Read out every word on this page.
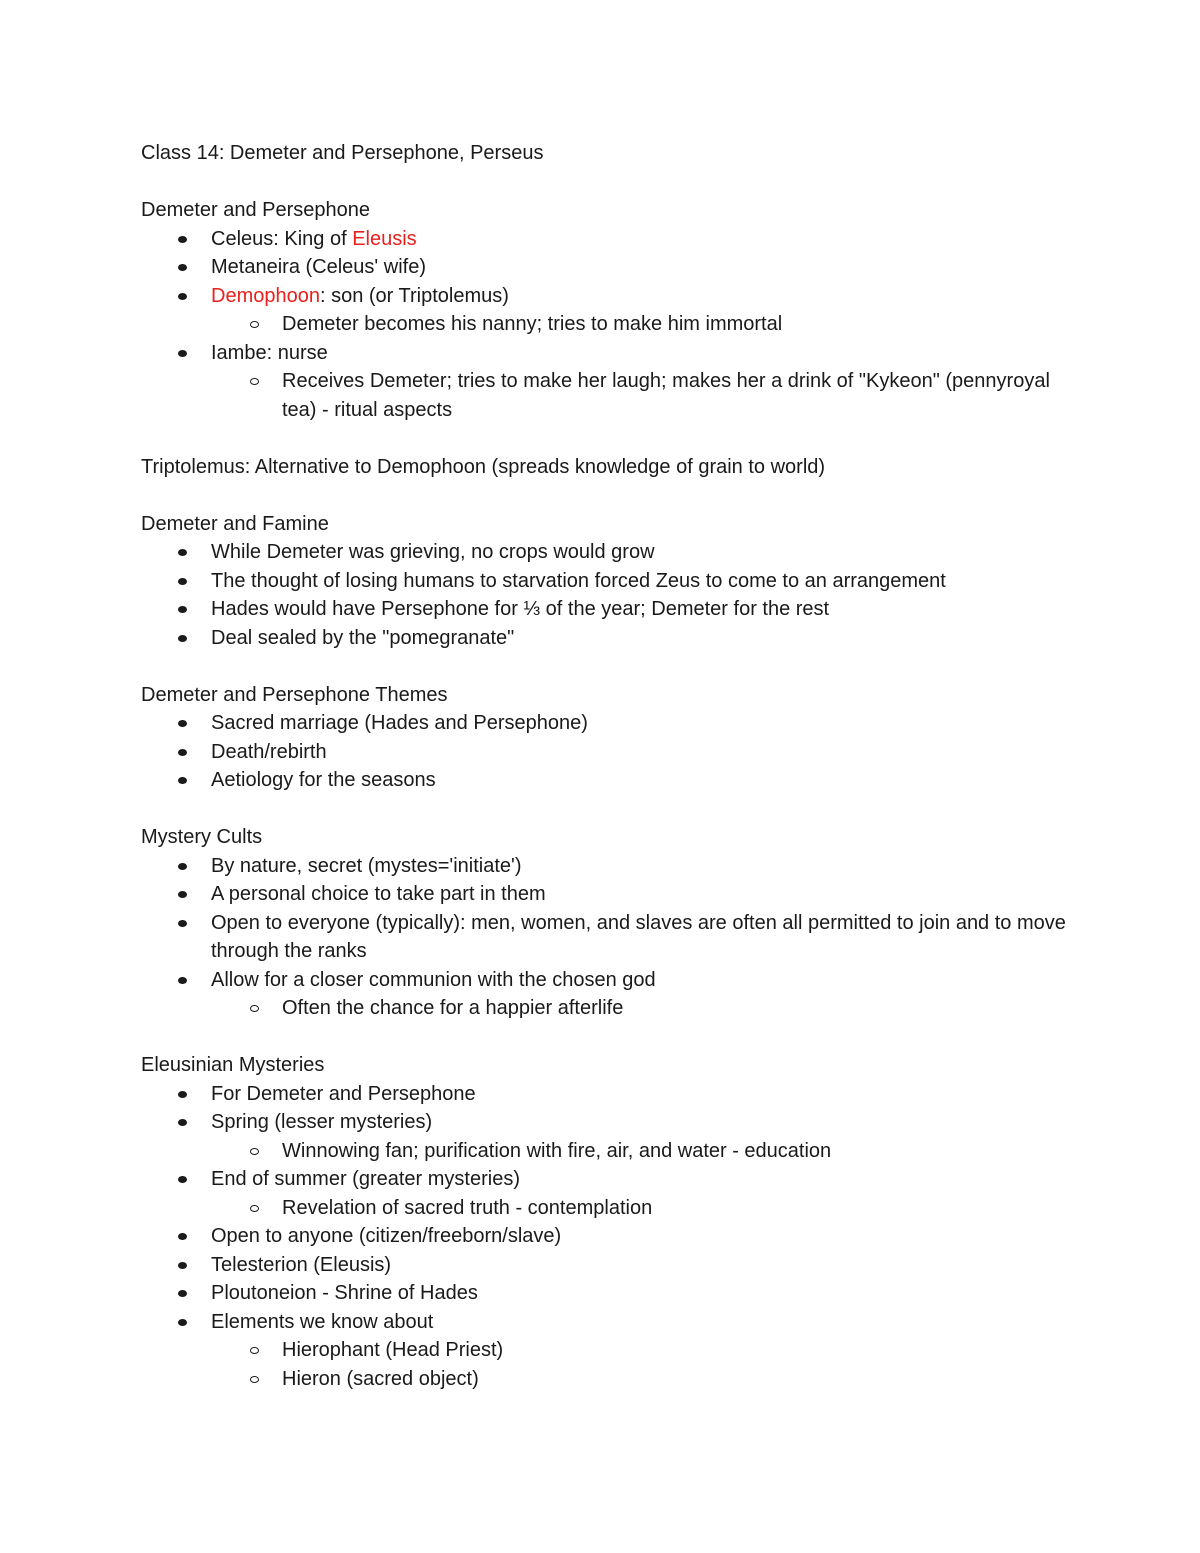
Class 14: Demeter and Persephone, Perseus
Demeter and Persephone
Celeus: King of Eleusis
Metaneira (Celeus' wife)
Demophoon: son (or Triptolemus)
Demeter becomes his nanny; tries to make him immortal
Iambe: nurse
Receives Demeter; tries to make her laugh; makes her a drink of "Kykeon" (pennyroyal tea) - ritual aspects
Triptolemus: Alternative to Demophoon (spreads knowledge of grain to world)
Demeter and Famine
While Demeter was grieving, no crops would grow
The thought of losing humans to starvation forced Zeus to come to an arrangement
Hades would have Persephone for ⅓ of the year; Demeter for the rest
Deal sealed by the "pomegranate"
Demeter and Persephone Themes
Sacred marriage (Hades and Persephone)
Death/rebirth
Aetiology for the seasons
Mystery Cults
By nature, secret (mystes='initiate')
A personal choice to take part in them
Open to everyone (typically): men, women, and slaves are often all permitted to join and to move through the ranks
Allow for a closer communion with the chosen god
Often the chance for a happier afterlife
Eleusinian Mysteries
For Demeter and Persephone
Spring (lesser mysteries)
Winnowing fan; purification with fire, air, and water - education
End of summer (greater mysteries)
Revelation of sacred truth - contemplation
Open to anyone (citizen/freeborn/slave)
Telesterion (Eleusis)
Ploutoneion - Shrine of Hades
Elements we know about
Hierophant (Head Priest)
Hieron (sacred object)
